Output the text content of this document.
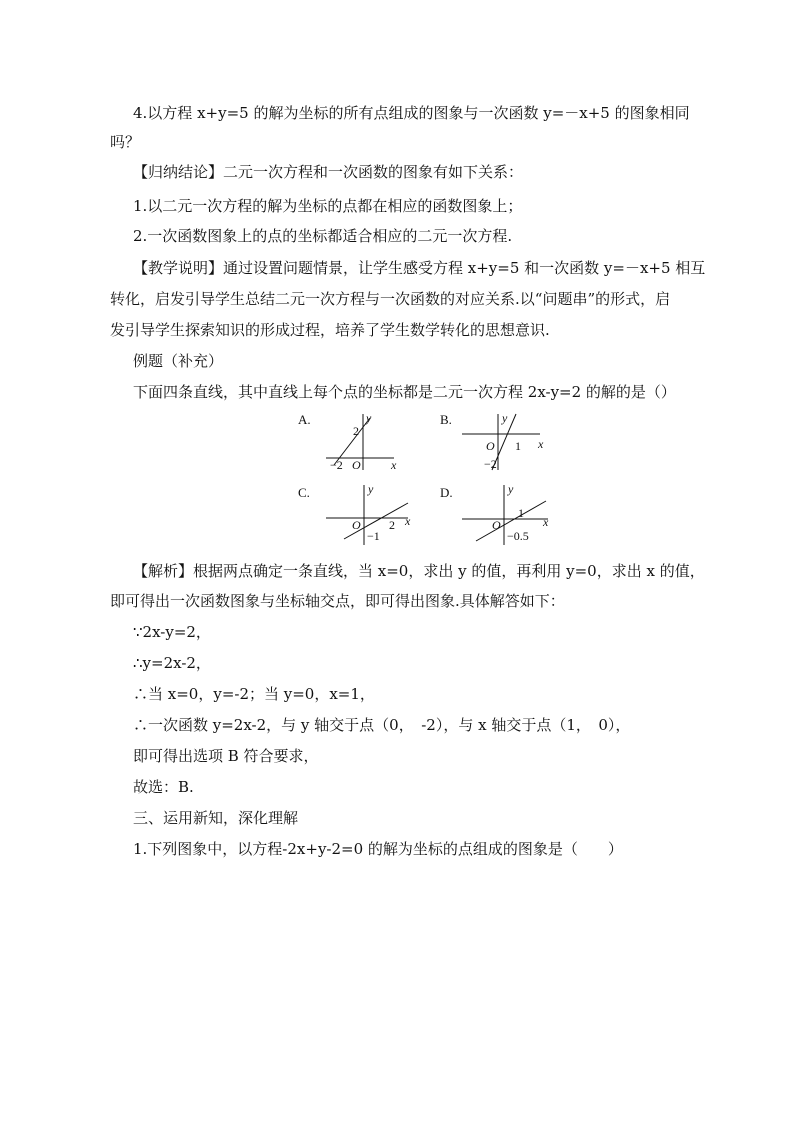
4.以方程 x+y=5 的解为坐标的所有点组成的图象与一次函数 y=－x+5 的图象相同
吗？
【归纳结论】二元一次方程和一次函数的图象有如下关系：
1.以二元一次方程的解为坐标的点都在相应的函数图象上；
2.一次函数图象上的点的坐标都适合相应的二元一次方程.
【教学说明】通过设置问题情景，让学生感受方程 x+y=5 和一次函数 y=－x+5 相互
转化，启发引导学生总结二元一次方程与一次函数的对应关系.以“问题串”的形式，启
发引导学生探索知识的形成过程，培养了学生数学转化的思想意识.
例题（补充）
下面四条直线，其中直线上每个点的坐标都是二元一次方程 2x-y=2 的解的是（）
A.
x
y
O
2
−2
B.
x
y
O 1
−2
C.
x
y
O 2
−1
D.
x
y
O
1
−0.5
【解析】根据两点确定一条直线，当 x=0，求出 y 的值，再利用 y=0，求出 x 的值，
即可得出一次函数图象与坐标轴交点，即可得出图象.具体解答如下：
∵2x-y=2，
∴y=2x-2，
∴当 x=0，y=-2；当 y=0，x=1，
∴一次函数 y=2x-2，与 y 轴交于点（0，　-2），与 x 轴交于点（1，　0），
即可得出选项 B 符合要求，
故选：B.
三、运用新知，深化理解
1.下列图象中，以方程-2x+y-2=0 的解为坐标的点组成的图象是（　　）
